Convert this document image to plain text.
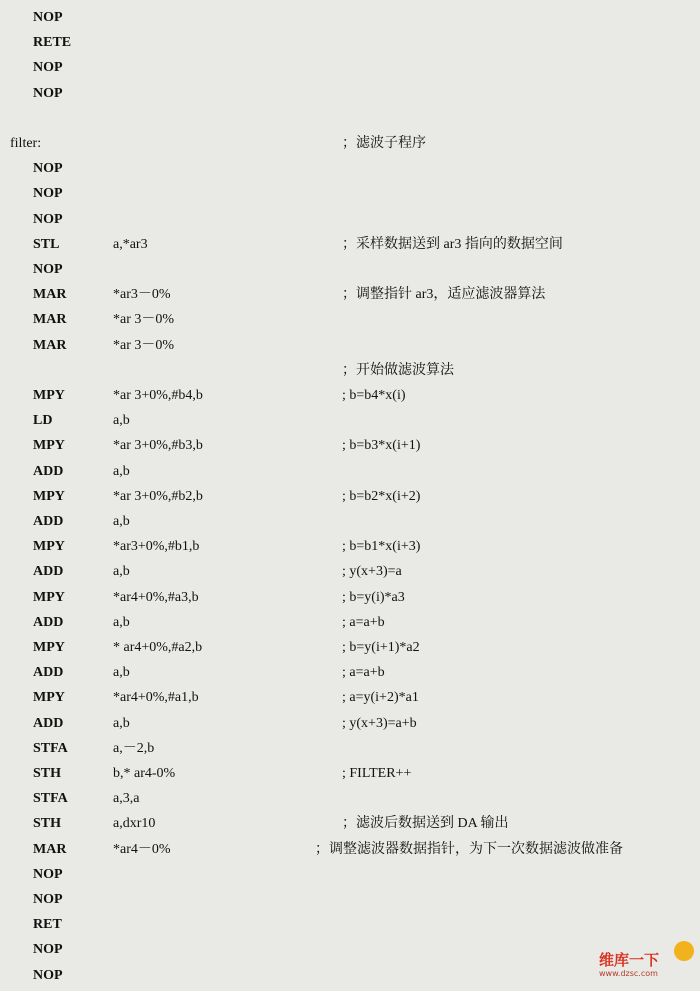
NOP
RETE
NOP
NOP
filter:	；滤波子程序
NOP
NOP
NOP
STL	a,*ar3	；采样数据送到 ar3 指向的数据空间
NOP
MAR	*ar3－0%	；调整指针 ar3，适应滤波器算法
MAR	*ar 3－0%
MAR	*ar 3－0%
；开始做滤波算法
MPY	*ar 3+0%,#b4,b	; b=b4*x(i)
LD	a,b
MPY	*ar 3+0%,#b3,b	; b=b3*x(i+1)
ADD	a,b
MPY	*ar 3+0%,#b2,b	; b=b2*x(i+2)
ADD	a,b
MPY	*ar3+0%,#b1,b	; b=b1*x(i+3)
ADD	a,b	; y(x+3)=a
MPY	*ar4+0%,#a3,b	; b=y(i)*a3
ADD	a,b	; a=a+b
MPY	* ar4+0%,#a2,b	; b=y(i+1)*a2
ADD	a,b	; a=a+b
MPY	*ar4+0%,#a1,b	; a=y(i+2)*a1
ADD	a,b	; y(x+3)=a+b
STFA	a,－2,b
STH	b,* ar4-0%	; FILTER++
STFA	a,3,a
STH	a,dxr10	；滤波后数据送到 DA 输出
MAR	*ar4－0%	；调整滤波器数据指针，为下一次数据滤波做准备
NOP
NOP
RET
NOP
NOP
维库一下
www.dzsc.com
